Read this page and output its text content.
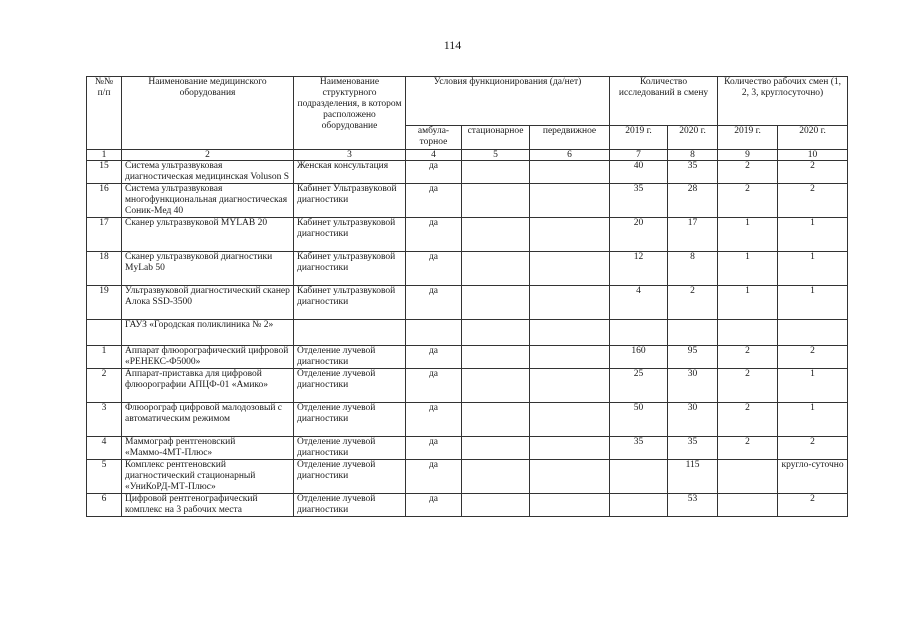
114
№№ п/п	Наименование медицинского оборудования	Наименование структурного подразделения, в котором расположено оборудование	Условия функционирования (да/нет)			Количество исследований в смену		Количество рабочих смен (1, 2, 3, круглосуточно)	
			амбула-торное	стационарное	передвижное	2019 г.	2020 г.	2019 г.	2020 г.
1	2	3	4	5	6	7	8	9	10
15	Система ультразвуковая диагностическая медицинская Voluson S	Женская консультация	да			40	35	2	2
16	Система ультразвуковая многофункциональная диагностическая Соник-Мед 40	Кабинет Ультразвуковой диагностики	да			35	28	2	2
17	Сканер ультразвуковой MYLAB 20	Кабинет ультразвуковой диагностики	да			20	17	1	1
18	Сканер ультразвуковой диагностики MyLab 50	Кабинет ультразвуковой диагностики	да			12	8	1	1
19	Ультразвуковой диагностический сканер Алока SSD-3500	Кабинет ультразвуковой диагностики	да			4	2	1	1
	ГАУЗ «Городская поликлиника № 2»								
1	Аппарат флюорографический цифровой «РЕНЕКС-Ф5000»	Отделение лучевой диагностики	да			160	95	2	2
2	Аппарат-приставка для цифровой флюорографии АПЦФ-01 «Амико»	Отделение лучевой диагностики	да			25	30	2	1
3	Флюорограф цифровой малодозовый с автоматическим режимом	Отделение лучевой диагностики	да			50	30	2	1
4	Маммограф рентгеновский «Маммо-4МТ-Плюс»	Отделение лучевой диагностики	да			35	35	2	2
5	Комплекс рентгеновский диагностический стационарный «УниКоРД-МТ-Плюс»	Отделение лучевой диагностики	да				115		кругло-суточно
6	Цифровой рентгенографический комплекс на 3 рабочих места	Отделение лучевой диагностики	да				53		2
